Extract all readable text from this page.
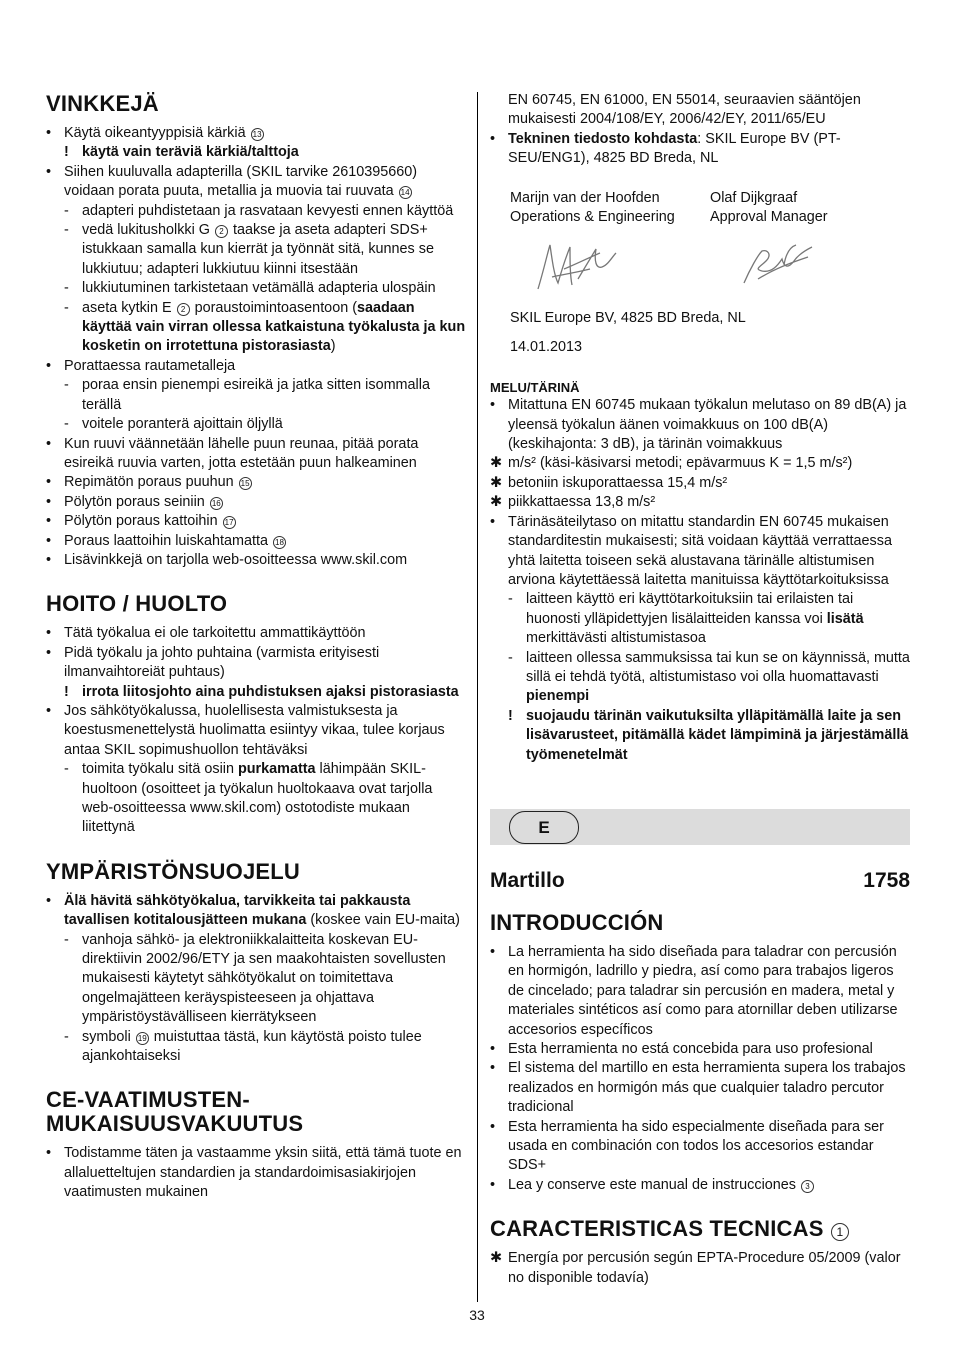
VINKKEJÄ
• Käytä oikeantyyppisiä kärkiä 13
! käytä vain teräviä kärkiä/talttoja
• Siihen kuuluvalla adapterilla (SKIL tarvike 2610395660) voidaan porata puuta, metallia ja muovia tai ruuvata 14
- adapteri puhdistetaan ja rasvataan kevyesti ennen käyttöä
- vedä lukitusholkki G 2 taakse ja aseta adapteri SDS+ istukkaan samalla kun kierrät ja työnnät sitä, kunnes se lukkiutuu; adapteri lukkiutuu kiinni itsestään
- lukkiutuminen tarkistetaan vetämällä adapteria ulospäin
- aseta kytkin E 2 poraustoimintoasentoon (saadaan käyttää vain virran ollessa katkaistuna työkalusta ja kun kosketin on irrotettuna pistorasiasta)
• Porattaessa rautametalleja
- poraa ensin pienempi esireikä ja jatka sitten isommalla terällä
- voitele poranterä ajoittain öljyllä
• Kun ruuvi väännetään lähelle puun reunaa, pitää porata esireikä ruuvia varten, jotta estetään puun halkeaminen
• Repimätön poraus puuhun 15
• Pölytön poraus seiniin 16
• Pölytön poraus kattoihin 17
• Poraus laattoihin luiskahtamatta 18
• Lisävinkkejä on tarjolla web-osoitteessa www.skil.com
HOITO / HUOLTO
• Tätä työkalua ei ole tarkoitettu ammattikäyttöön
• Pidä työkalu ja johto puhtaina (varmista erityisesti ilmanvaihtoreiät puhtaus)
! irrota liitosjohto aina puhdistuksen ajaksi pistorasiasta
• Jos sähkötyökalussa, huolellisesta valmistuksesta ja koestusmenettelystä huolimatta esiintyy vikaa, tulee korjaus antaa SKIL sopimushuollon tehtäväksi
- toimita työkalu sitä osiin purkamatta lähimpään SKIL-huoltoon (osoitteet ja työkalun huoltokaava ovat tarjolla web-osoitteessa www.skil.com) ostotodiste mukaan liitettynä
YMPÄRISTÖNSUOJELU
• Älä hävitä sähkötyökalua, tarvikkeita tai pakkausta tavallisen kotitalousjätteen mukana (koskee vain EU-maita)
- vanhoja sähkö- ja elektroniikkalaitteita koskevan EU-direktiivin 2002/96/ETY ja sen maakohtaisten sovellusten mukaisesti käytetyt sähkötyökalut on toimitettava ongelmajätteen keräyspisteeseen ja ohjattava ympäristöystävälliseen kierrätykseen
- symboli 19 muistuttaa tästä, kun käytöstä poisto tulee ajankohtaiseksi
CE-VAATIMUSTEN-
MUKAISUUSVAKUUTUS
• Todistamme täten ja vastaamme yksin siitä, että tämä tuote en allaluetteltujen standardien ja standardoimisasiakirjojen vaatimusten mukainen
EN 60745, EN 61000, EN 55014, seuraavien sääntöjen mukaisesti 2004/108/EY, 2006/42/EY, 2011/65/EU
• Tekninen tiedosto kohdasta: SKIL Europe BV (PT-SEU/ENG1), 4825 BD Breda, NL
Marijn van der Hoofden
Operations & Engineering
Olaf Dijkgraaf
Approval Manager
SKIL Europe BV, 4825 BD Breda, NL
14.01.2013
MELU/TÄRINÄ
• Mitattuna EN 60745 mukaan työkalun melutaso on 89 dB(A) ja yleensä työkalun äänen voimakkuus on 100 dB(A) (keskihajonta: 3 dB), ja tärinän voimakkuus
✱ m/s² (käsi-käsivarsi metodi; epävarmuus K = 1,5 m/s²)
✱ betoniin iskuporattaessa 15,4 m/s²
✱ piikkattaessa 13,8 m/s²
• Tärinäsäteilytaso on mitattu standardin EN 60745 mukaisen standarditestin mukaisesti; sitä voidaan käyttää verrattaessa yhtä laitetta toiseen sekä alustavana tärinälle altistumisen arviona käytettäessä laitetta manituissa käyttötarkoituksissa
- laitteen käyttö eri käyttötarkoituksiin tai erilaisten tai huonosti ylläpidettyjen lisälaitteiden kanssa voi lisätä merkittävästi altistumistasoa
- laitteen ollessa sammuksissa tai kun se on käynnissä, mutta sillä ei tehdä työtä, altistumistaso voi olla huomattavasti pienempi
! suojaudu tärinän vaikutuksilta ylläpitämällä laite ja sen lisävarusteet, pitämällä kädet lämpiminä ja järjestämällä työmenetelmät
E
Martillo	1758
INTRODUCCIÓN
• La herramienta ha sido diseñada para taladrar con percusión en hormigón, ladrillo y piedra, así como para trabajos ligeros de cincelado; para taladrar sin percusión en madera, metal y materiales sintéticos así como para atornillar deben utilizarse accesorios específicos
• Esta herramienta no está concebida para uso profesional
• El sistema del martillo en esta herramienta supera los trabajos realizados en hormigón más que cualquier taladro percutor tradicional
• Esta herramienta ha sido especialmente diseñada para ser usada en combinación con todos los accesorios estandar SDS+
• Lea y conserve este manual de instrucciones 3
CARACTERISTICAS TECNICAS 1
✱ Energía por percusión según EPTA-Procedure 05/2009 (valor no disponible todavía)
33
